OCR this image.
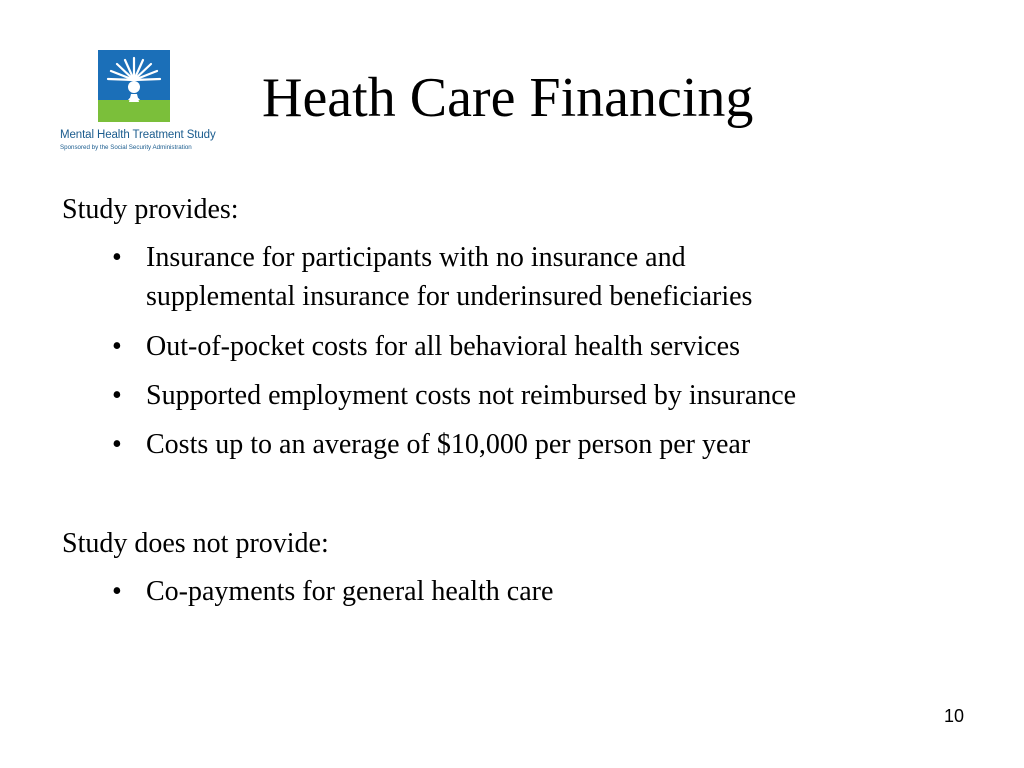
Mental Health Treatment Study
Sponsored by the Social Security Administration
Heath Care Financing

Study provides:

• Insurance for participants with no insurance and
supplemental insurance for underinsured beneficiaries
• Out-of-pocket costs for all behavioral health services
• Supported employment costs not reimbursed by insurance
• Costs up to an average of $10,000 per person per year

Study does not provide:

• Co-payments for general health care
10
